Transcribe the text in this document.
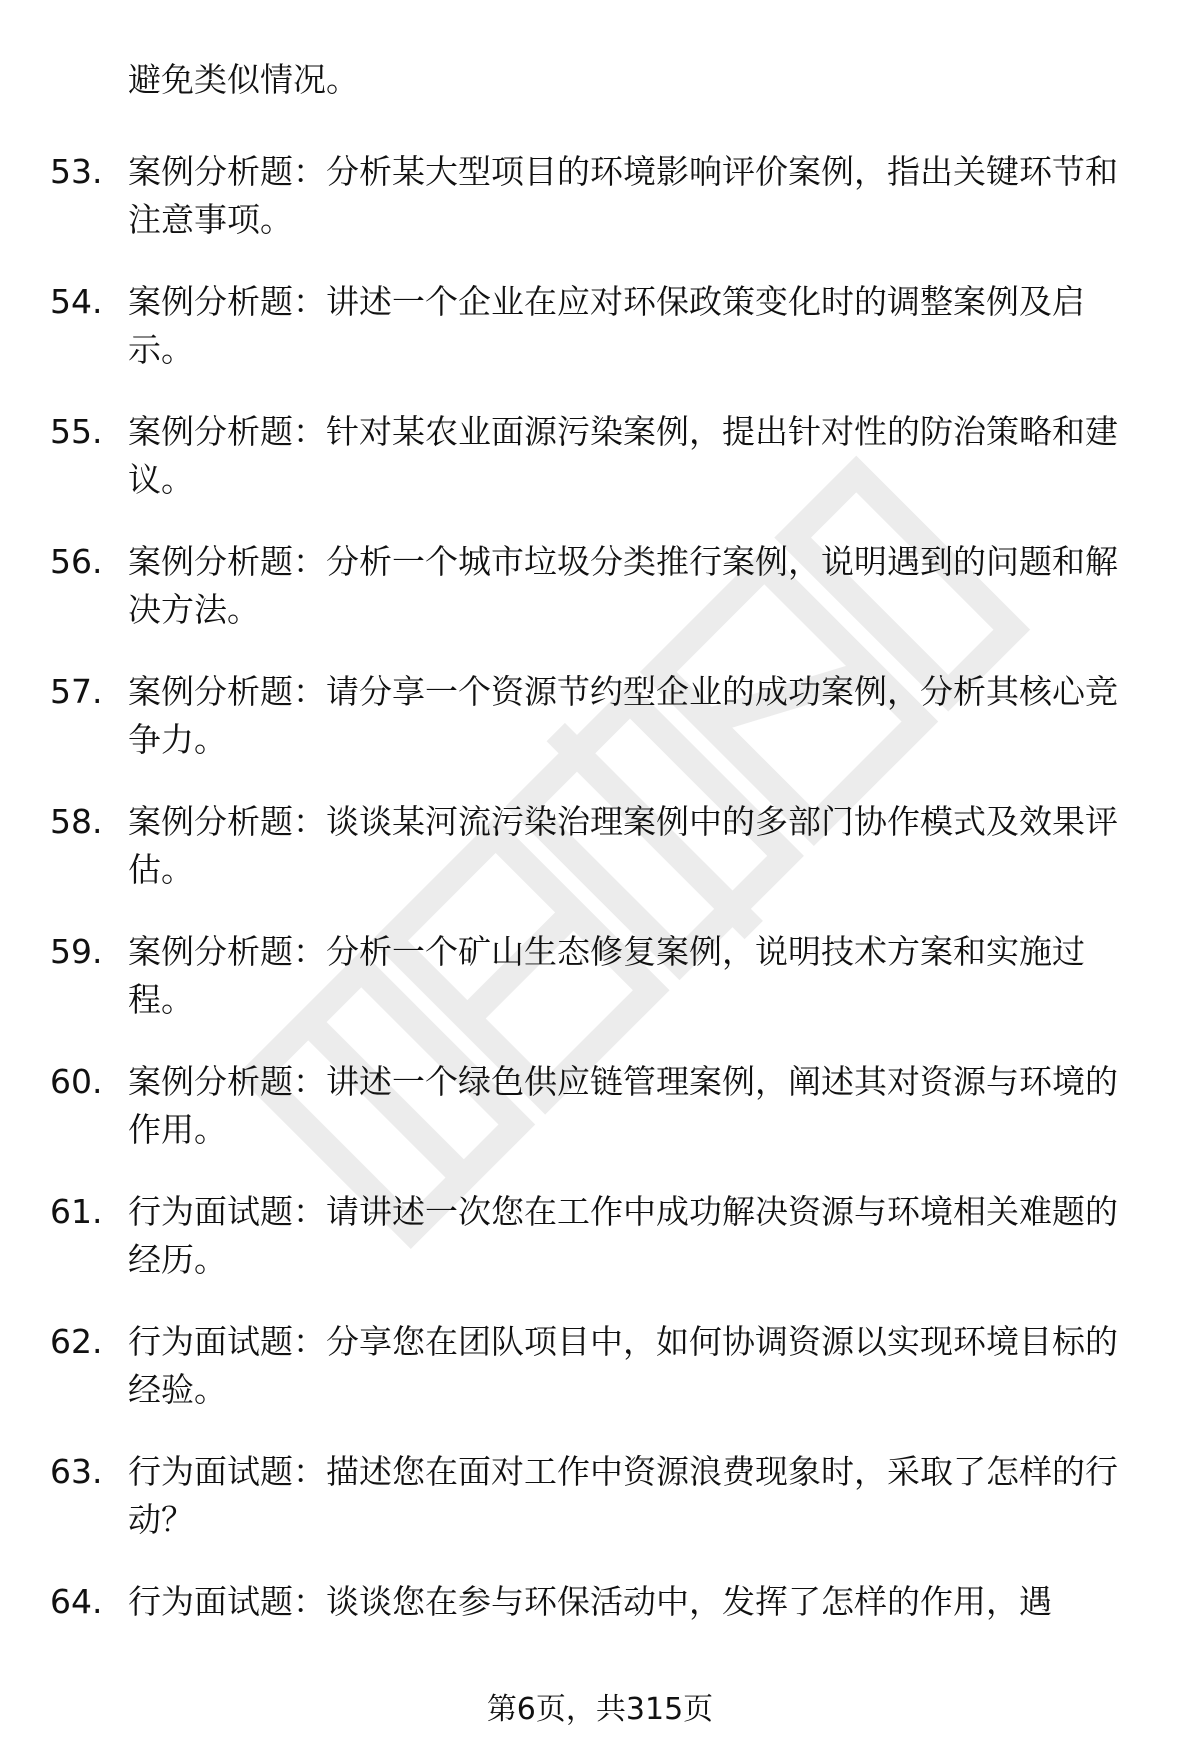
避免类似情况。
53. 案例分析题：分析某大型项目的环境影响评价案例，指出关键环节和注意事项。
54. 案例分析题：讲述一个企业在应对环保政策变化时的调整案例及启示。
55. 案例分析题：针对某农业面源污染案例，提出针对性的防治策略和建议。
56. 案例分析题：分析一个城市垃圾分类推行案例，说明遇到的问题和解决方法。
57. 案例分析题：请分享一个资源节约型企业的成功案例，分析其核心竞争力。
58. 案例分析题：谈谈某河流污染治理案例中的多部门协作模式及效果评估。
59. 案例分析题：分析一个矿山生态修复案例，说明技术方案和实施过程。
60. 案例分析题：讲述一个绿色供应链管理案例，阐述其对资源与环境的作用。
61. 行为面试题：请讲述一次您在工作中成功解决资源与环境相关难题的经历。
62. 行为面试题：分享您在团队项目中，如何协调资源以实现环境目标的经验。
63. 行为面试题：描述您在面对工作中资源浪费现象时，采取了怎样的行动？
64. 行为面试题：谈谈您在参与环保活动中，发挥了怎样的作用，遇
第6页，共315页
